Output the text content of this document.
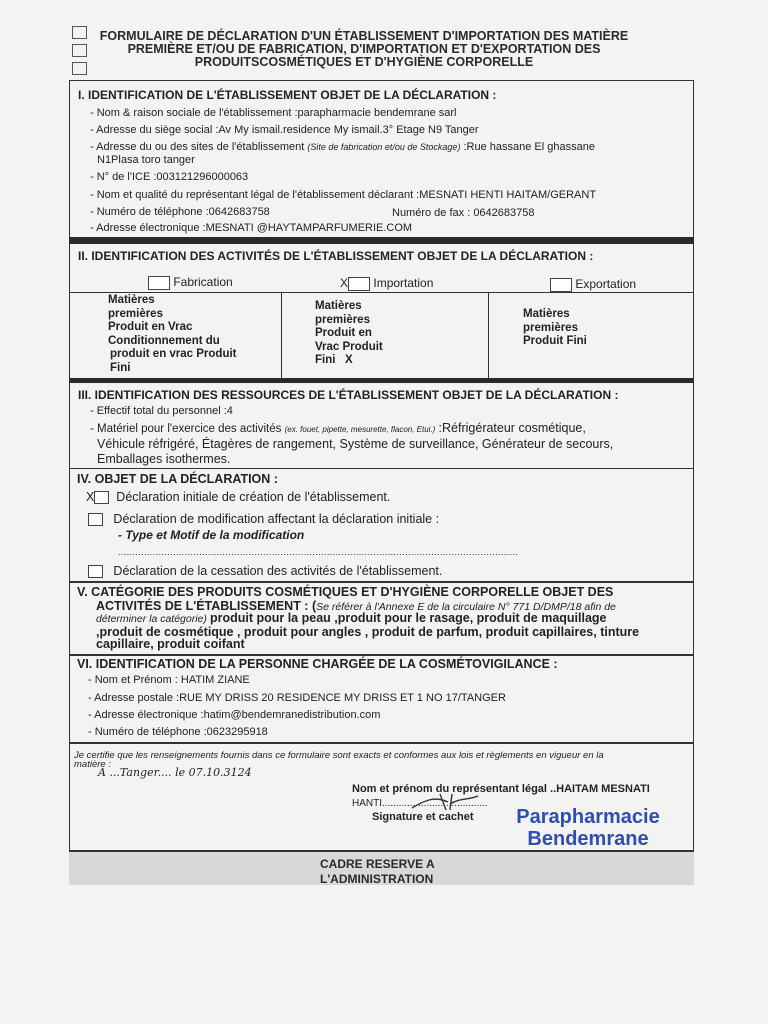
FORMULAIRE DE DÉCLARATION D'UN ÉTABLISSEMENT D'IMPORTATION DES MATIÈRE
PREMIÈRE ET/OU DE FABRICATION, D'IMPORTATION ET D'EXPORTATION DES
PRODUITSCOSMÉTIQUES ET D'HYGIÈNE CORPORELLE
I. IDENTIFICATION DE L'ÉTABLISSEMENT OBJET DE LA DÉCLARATION :
- Nom & raison sociale de l'établissement :parapharmacie bendemrane sarl
- Adresse du siège social :Av My ismail.residence My ismail.3° Etage N9 Tanger
- Adresse du ou des sites de l'établissement (Site de fabrication et/ou de Stockage) :Rue hassane El ghassane
N1Plasa toro tanger
- N° de l'ICE :003121296000063
- Nom et qualité du représentant légal de l'établissement déclarant :MESNATI HENTI HAITAM/GERANT
- Numéro de téléphone :0642683758	Numéro de fax : 0642683758
- Adresse électronique :MESNATI @HAYTAMPARFUMERIE.COM
II. IDENTIFICATION DES ACTIVITÉS DE L'ÉTABLISSEMENT OBJET DE LA DÉCLARATION :
Fabrication	X Importation	Exportation
Matières
premières
Produit en Vrac
Conditionnement du
produit en vrac Produit
Fini
Matières
premières
Produit en
Vrac Produit
Fini   X
Matières
premières
Produit Fini
III. IDENTIFICATION DES RESSOURCES DE L'ÉTABLISSEMENT OBJET DE LA DÉCLARATION :
- Effectif total du personnel :4
- Matériel pour l'exercice des activités (ex. fouet, pipette, mesurette, flacon, Etui.) :Réfrigérateur cosmétique,
Véhicule réfrigéré, Étagères de rangement, Système de surveillance, Générateur de secours,
Emballages isothermes.
IV. OBJET DE LA DÉCLARATION :
X Déclaration initiale de création de l'établissement.
Déclaration de modification affectant la déclaration initiale :
- Type et Motif de la modification
..........................................................................................................................................
Déclaration de la cessation des activités de l'établissement.
V. CATÉGORIE DES PRODUITS COSMÉTIQUES ET D'HYGIÈNE CORPORELLE OBJET DES
ACTIVITÉS DE L'ÉTABLISSEMENT : (Se référer à l'Annexe E de la circulaire N° 771 D/DMP/18 afin de
déterminer la catégorie) produit pour la peau ,produit pour le rasage, produit de maquillage
,produit de cosmétique , produit pour angles , produit de parfum, produit capillaires, tinture
capillaire, produit coifant
VI. IDENTIFICATION DE LA PERSONNE CHARGÉE DE LA COSMÉTOVIGILANCE :
- Nom et Prénom : HATIM ZIANE
- Adresse postale :RUE MY DRISS 20 RESIDENCE MY DRISS ET 1 NO 17/TANGER
- Adresse électronique :hatim@bendemranedistribution.com
- Numéro de téléphone :0623295918
Je certifie que les renseignements fournis dans ce formulaire sont exacts et conformes aux lois et règlements en vigueur en la
matière :
A ...Tanger.... le 07.10.3124
Nom et prénom du représentant légal ..HAITAM MESNATI
HANTI......................................
Signature et cachet	Parapharmacie
Bendemrane
CADRE RESERVE A
L'ADMINISTRATION
